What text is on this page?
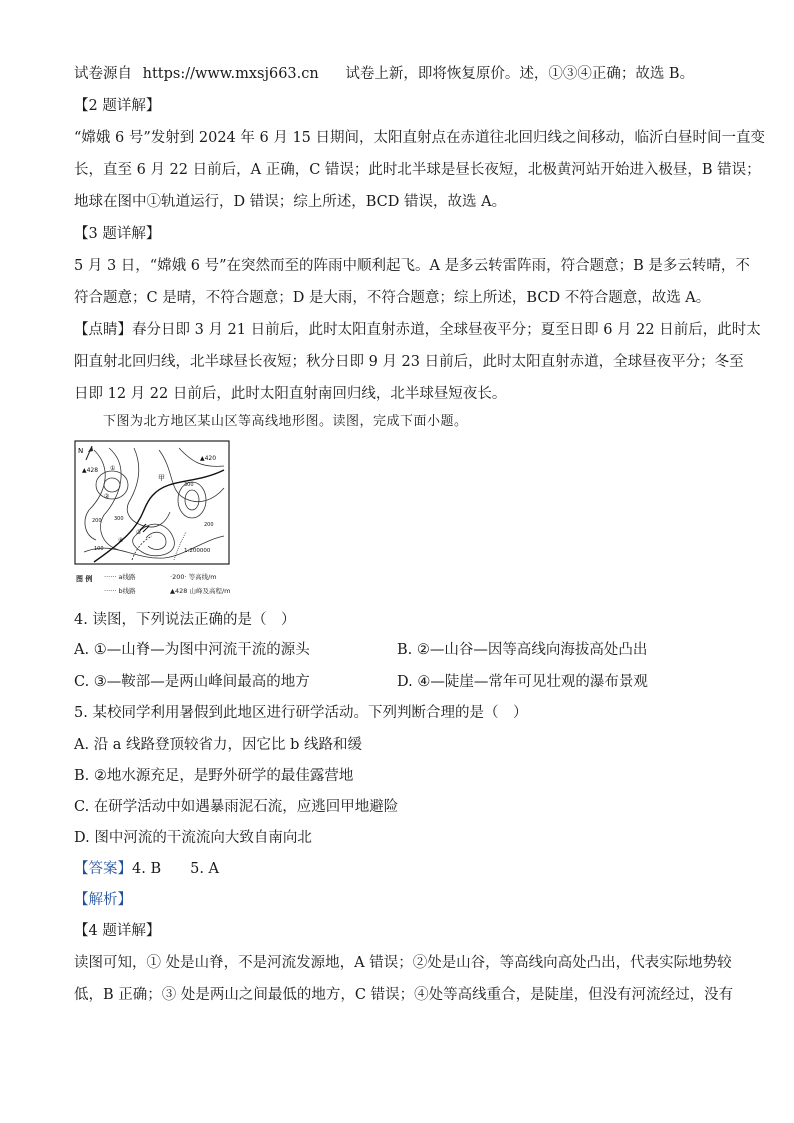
试卷源自 https://www.mxsj663.cn 试卷上新，即将恢复原价。述，①③④正确；故选 B。
【2 题详解】
“嫦娥 6 号”发射到 2024 年 6 月 15 日期间，太阳直射点在赤道往北回归线之间移动，临沂白昼时间一直变
长，直至 6 月 22 日前后，A 正确，C 错误；此时北半球是昼长夜短，北极黄河站开始进入极昼，B 错误；
地球在图中①轨道运行，D 错误；综上所述，BCD 错误，故选 A。
【3 题详解】
5 月 3 日，“嫦娥 6 号”在突然而至的阵雨中顺利起飞。A 是多云转雷阵雨，符合题意；B 是多云转晴，不
符合题意；C 是晴，不符合题意；D 是大雨，不符合题意；综上所述，BCD 不符合题意，故选 A。
【点睛】春分日即 3 月 21 日前后，此时太阳直射赤道，全球昼夜平分；夏至日即 6 月 22 日前后，此时太
阳直射北回归线，北半球昼长夜短；秋分日即 9 月 23 日前后，此时太阳直射赤道，全球昼夜平分；冬至
日即 12 月 22 日前后，此时太阳直射南回归线，北半球昼短夜长。
下图为北方地区某山区等高线地形图。读图，完成下面小题。
N
▲428
▲420
甲
①
②
③
④
200 300
300
200
100	1:200000
图 例 ······ a线路
······ b线路
·200· 等高线/m
▲428 山峰及高程/m
4. 读图，下列说法正确的是（　）
A. ①—山脊—为图中河流干流的源头	B. ②—山谷—因等高线向海拔高处凸出
C. ③—鞍部—是两山峰间最高的地方	D. ④—陡崖—常年可见壮观的瀑布景观
5. 某校同学利用暑假到此地区进行研学活动。下列判断合理的是（　）
A. 沿 a 线路登顶较省力，因它比 b 线路和缓
B. ②地水源充足，是野外研学的最佳露营地
C. 在研学活动中如遇暴雨泥石流，应逃回甲地避险
D. 图中河流的干流流向大致自南向北
【答案】4. B　　5. A
【解析】
【4 题详解】
读图可知，① 处是山脊，不是河流发源地，A 错误；②处是山谷，等高线向高处凸出，代表实际地势较
低，B 正确；③ 处是两山之间最低的地方，C 错误；④处等高线重合，是陡崖，但没有河流经过，没有
